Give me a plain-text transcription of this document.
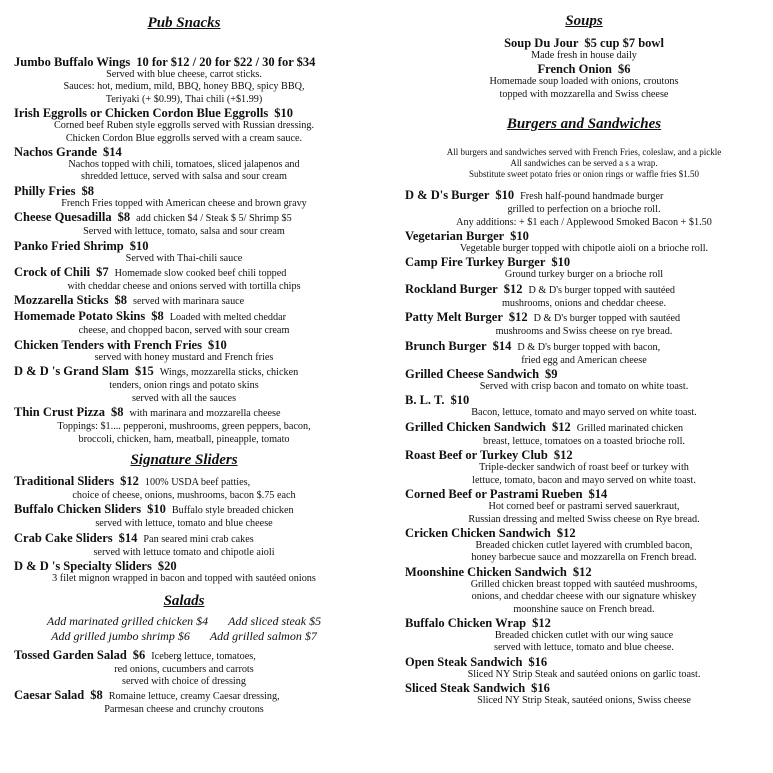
Pub Snacks
Jumbo Buffalo Wings 10 for $12 / 20 for $22 / 30 for $34
Served with blue cheese, carrot sticks.
Sauces: hot, medium, mild, BBQ, honey BBQ, spicy BBQ,
Teriyaki (+ $0.99), Thai chili (+$1.99)
Irish Eggrolls or Chicken Cordon Blue Eggrolls $10
Corned beef Ruben style eggrolls served with Russian dressing.
Chicken Cordon Blue eggrolls served with a cream sauce.
Nachos Grande $14
Nachos topped with chili, tomatoes, sliced jalapenos and
shredded lettuce, served with salsa and sour cream
Philly Fries $8
French Fries topped with American cheese and brown gravy
Cheese Quesadilla $8 add chicken $4 / Steak $ 5/ Shrimp $5
Served with lettuce, tomato, salsa and sour cream
Panko Fried Shrimp $10
Served with Thai-chili sauce
Crock of Chili $7 Homemade slow cooked beef chili topped
with cheddar cheese and onions served with tortilla chips
Mozzarella Sticks $8 served with marinara sauce
Homemade Potato Skins $8 Loaded with melted cheddar
cheese, and chopped bacon, served with sour cream
Chicken Tenders with French Fries $10
served with honey mustard and French fries
D & D 's Grand Slam $15 Wings, mozzarella sticks, chicken
tenders, onion rings and potato skins
served with all the sauces
Thin Crust Pizza $8 with marinara and mozzarella cheese
Toppings: $1.... pepperoni, mushrooms, green peppers, bacon,
broccoli, chicken, ham, meatball, pineapple, tomato
Signature Sliders
Traditional Sliders $12 100% USDA beef patties,
choice of cheese, onions, mushrooms, bacon $.75 each
Buffalo Chicken Sliders $10 Buffalo style breaded chicken
served with lettuce, tomato and blue cheese
Crab Cake Sliders $14 Pan seared mini crab cakes
served with lettuce tomato and chipotle aioli
D & D 's Specialty Sliders $20
3 filet mignon wrapped in bacon and topped with sautéed onions
Salads
Add marinated grilled chicken $4 Add sliced steak $5
Add grilled jumbo shrimp $6 Add grilled salmon $7
Tossed Garden Salad $6 Iceberg lettuce, tomatoes,
red onions, cucumbers and carrots
served with choice of dressing
Caesar Salad $8 Romaine lettuce, creamy Caesar dressing,
Parmesan cheese and crunchy croutons
Soups
Soup Du Jour $5 cup $7 bowl
Made fresh in house daily
French Onion $6
Homemade soup loaded with onions, croutons
topped with mozzarella and Swiss cheese
Burgers and Sandwiches
All burgers and sandwiches served with French Fries, coleslaw, and a pickle
All sandwiches can be served a s a wrap.
Substitute sweet potato fries or onion rings or waffle fries $1.50
D & D's Burger $10 Fresh half-pound handmade burger
grilled to perfection on a brioche roll.
Any additions: + $1 each / Applewood Smoked Bacon + $1.50
Vegetarian Burger $10
Vegetable burger topped with chipotle aioli on a brioche roll.
Camp Fire Turkey Burger $10
Ground turkey burger on a brioche roll
Rockland Burger $12 D & D's burger topped with sautéed
mushrooms, onions and cheddar cheese.
Patty Melt Burger $12 D & D's burger topped with sautéed
mushrooms and Swiss cheese on rye bread.
Brunch Burger $14 D & D's burger topped with bacon,
fried egg and American cheese
Grilled Cheese Sandwich $9
Served with crisp bacon and tomato on white toast.
B. L. T. $10
Bacon, lettuce, tomato and mayo served on white toast.
Grilled Chicken Sandwich $12 Grilled marinated chicken
breast, lettuce, tomatoes on a toasted brioche roll.
Roast Beef or Turkey Club $12
Triple-decker sandwich of roast beef or turkey with
lettuce, tomato, bacon and mayo served on white toast.
Corned Beef or Pastrami Rueben $14
Hot corned beef or pastrami served sauerkraut,
Russian dressing and melted Swiss cheese on Rye bread.
Cricken Chicken Sandwich $12
Breaded chicken cutlet layered with crumbled bacon,
honey barbecue sauce and mozzarella on French bread.
Moonshine Chicken Sandwich $12
Grilled chicken breast topped with sautéed mushrooms,
onions, and cheddar cheese with our signature whiskey
moonshine sauce on French bread.
Buffalo Chicken Wrap $12
Breaded chicken cutlet with our wing sauce
served with lettuce, tomato and blue cheese.
Open Steak Sandwich $16
Sliced NY Strip Steak and sautéed onions on garlic toast.
Sliced Steak Sandwich $16
Sliced NY Strip Steak, sautéed onions, Swiss cheese
